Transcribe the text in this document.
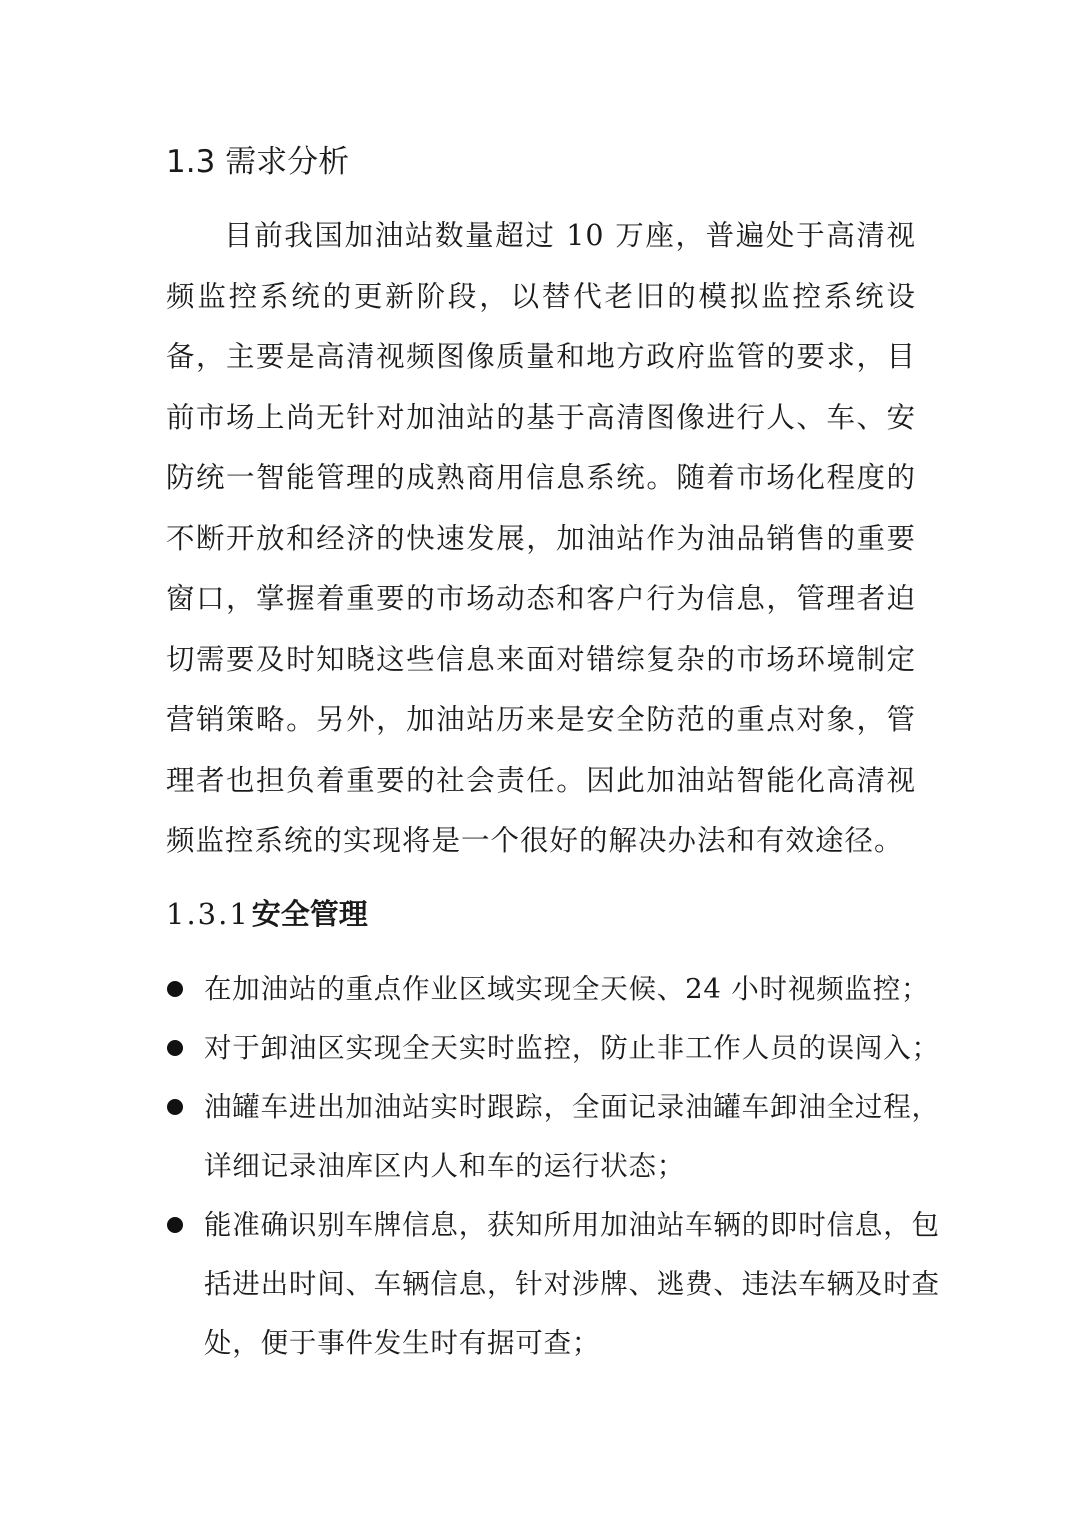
1.3 需求分析

目前我国加油站数量超过 10 万座，普遍处于高清视频监控系统的更新阶段，以替代老旧的模拟监控系统设备，主要是高清视频图像质量和地方政府监管的要求，目前市场上尚无针对加油站的基于高清图像进行人、车、安防统一智能管理的成熟商用信息系统。随着市场化程度的不断开放和经济的快速发展，加油站作为油品销售的重要窗口，掌握着重要的市场动态和客户行为信息，管理者迫切需要及时知晓这些信息来面对错综复杂的市场环境制定营销策略。另外，加油站历来是安全防范的重点对象，管理者也担负着重要的社会责任。因此加油站智能化高清视频监控系统的实现将是一个很好的解决办法和有效途径。

1.3.1安全管理
在加油站的重点作业区域实现全天候、24 小时视频监控；
对于卸油区实现全天实时监控，防止非工作人员的误闯入；
油罐车进出加油站实时跟踪，全面记录油罐车卸油全过程，详细记录油库区内人和车的运行状态；
能准确识别车牌信息，获知所用加油站车辆的即时信息，包括进出时间、车辆信息，针对涉牌、逃费、违法车辆及时查处，便于事件发生时有据可查；
